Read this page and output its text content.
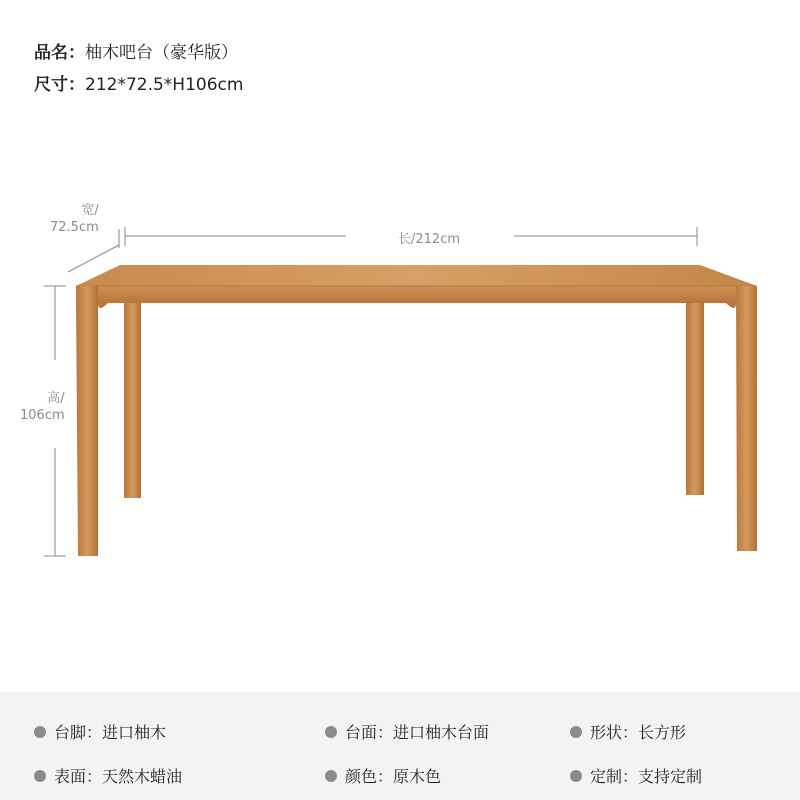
品名：柚木吧台（豪华版）
尺寸：212*72.5*H106cm
长/212cm
宽/
72.5cm
高/
106cm
台脚： 进口柚木	台面： 进口柚木台面	形状： 长方形
表面： 天然木蜡油	颜色： 原木色	定制： 支持定制
